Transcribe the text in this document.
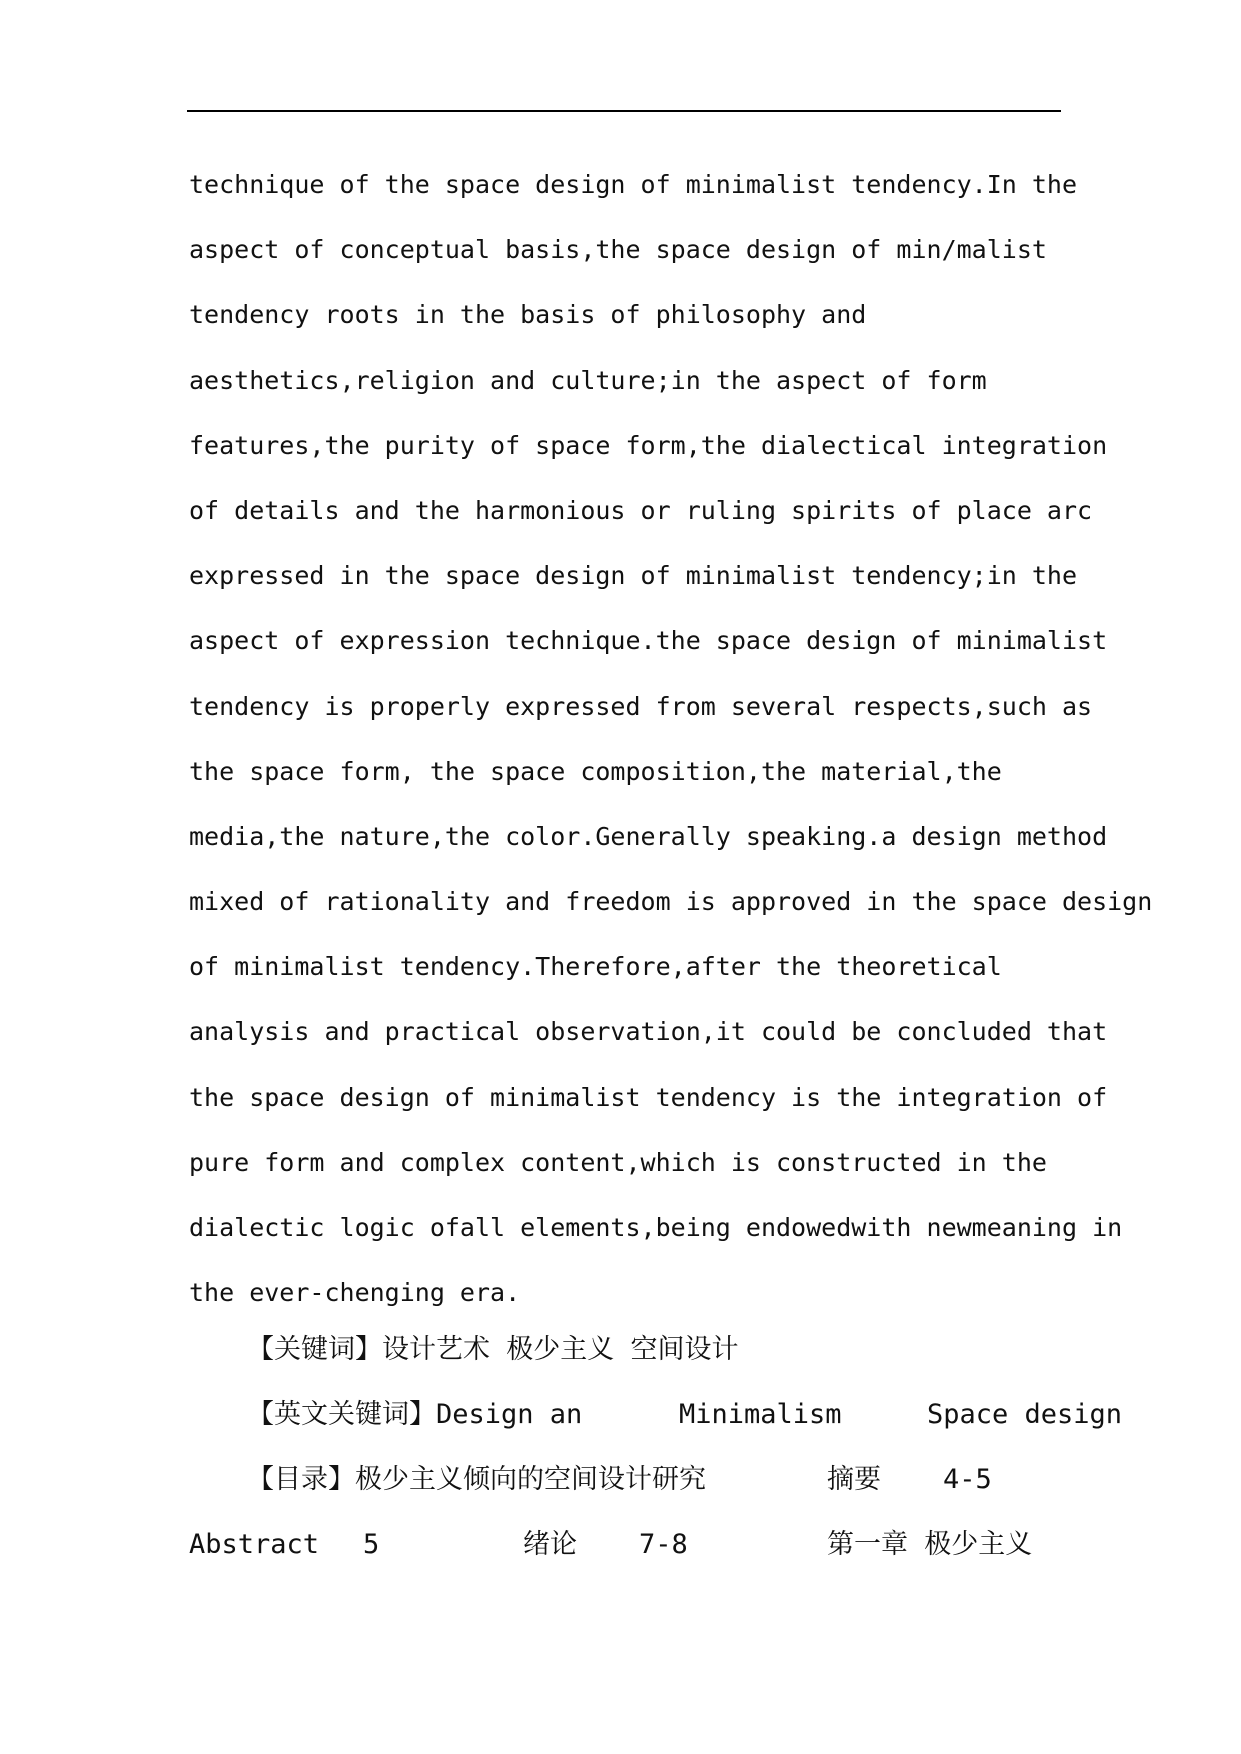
technique of the space design of minimalist tendency.In the
aspect of conceptual basis,the space design of min/malist
tendency roots in the basis of philosophy and
aesthetics,religion and culture;in the aspect of form
features,the purity of space form,the dialectical integration
of details and the harmonious or ruling spirits of place arc
expressed in the space design of minimalist tendency;in the
aspect of expression technique.the space design of minimalist
tendency is properly expressed from several respects,such as
the space form, the space composition,the material,the
media,the nature,the color.Generally speaking.a design method
mixed of rationality and freedom is approved in the space design
of minimalist tendency.Therefore,after the theoretical
analysis and practical observation,it could be concluded that
the space design of minimalist tendency is the integration of
pure form and complex content,which is constructed in the
dialectic logic ofall elements,being endowedwith newmeaning in
the ever-chenging era.
【关键词】设计艺术 极少主义 空间设计
【英文关键词】Design an	Minimalism	Space design
【目录】极少主义倾向的空间设计研究	摘要 4-5
Abstract 5	绪论 7-8	第一章 极少主义
